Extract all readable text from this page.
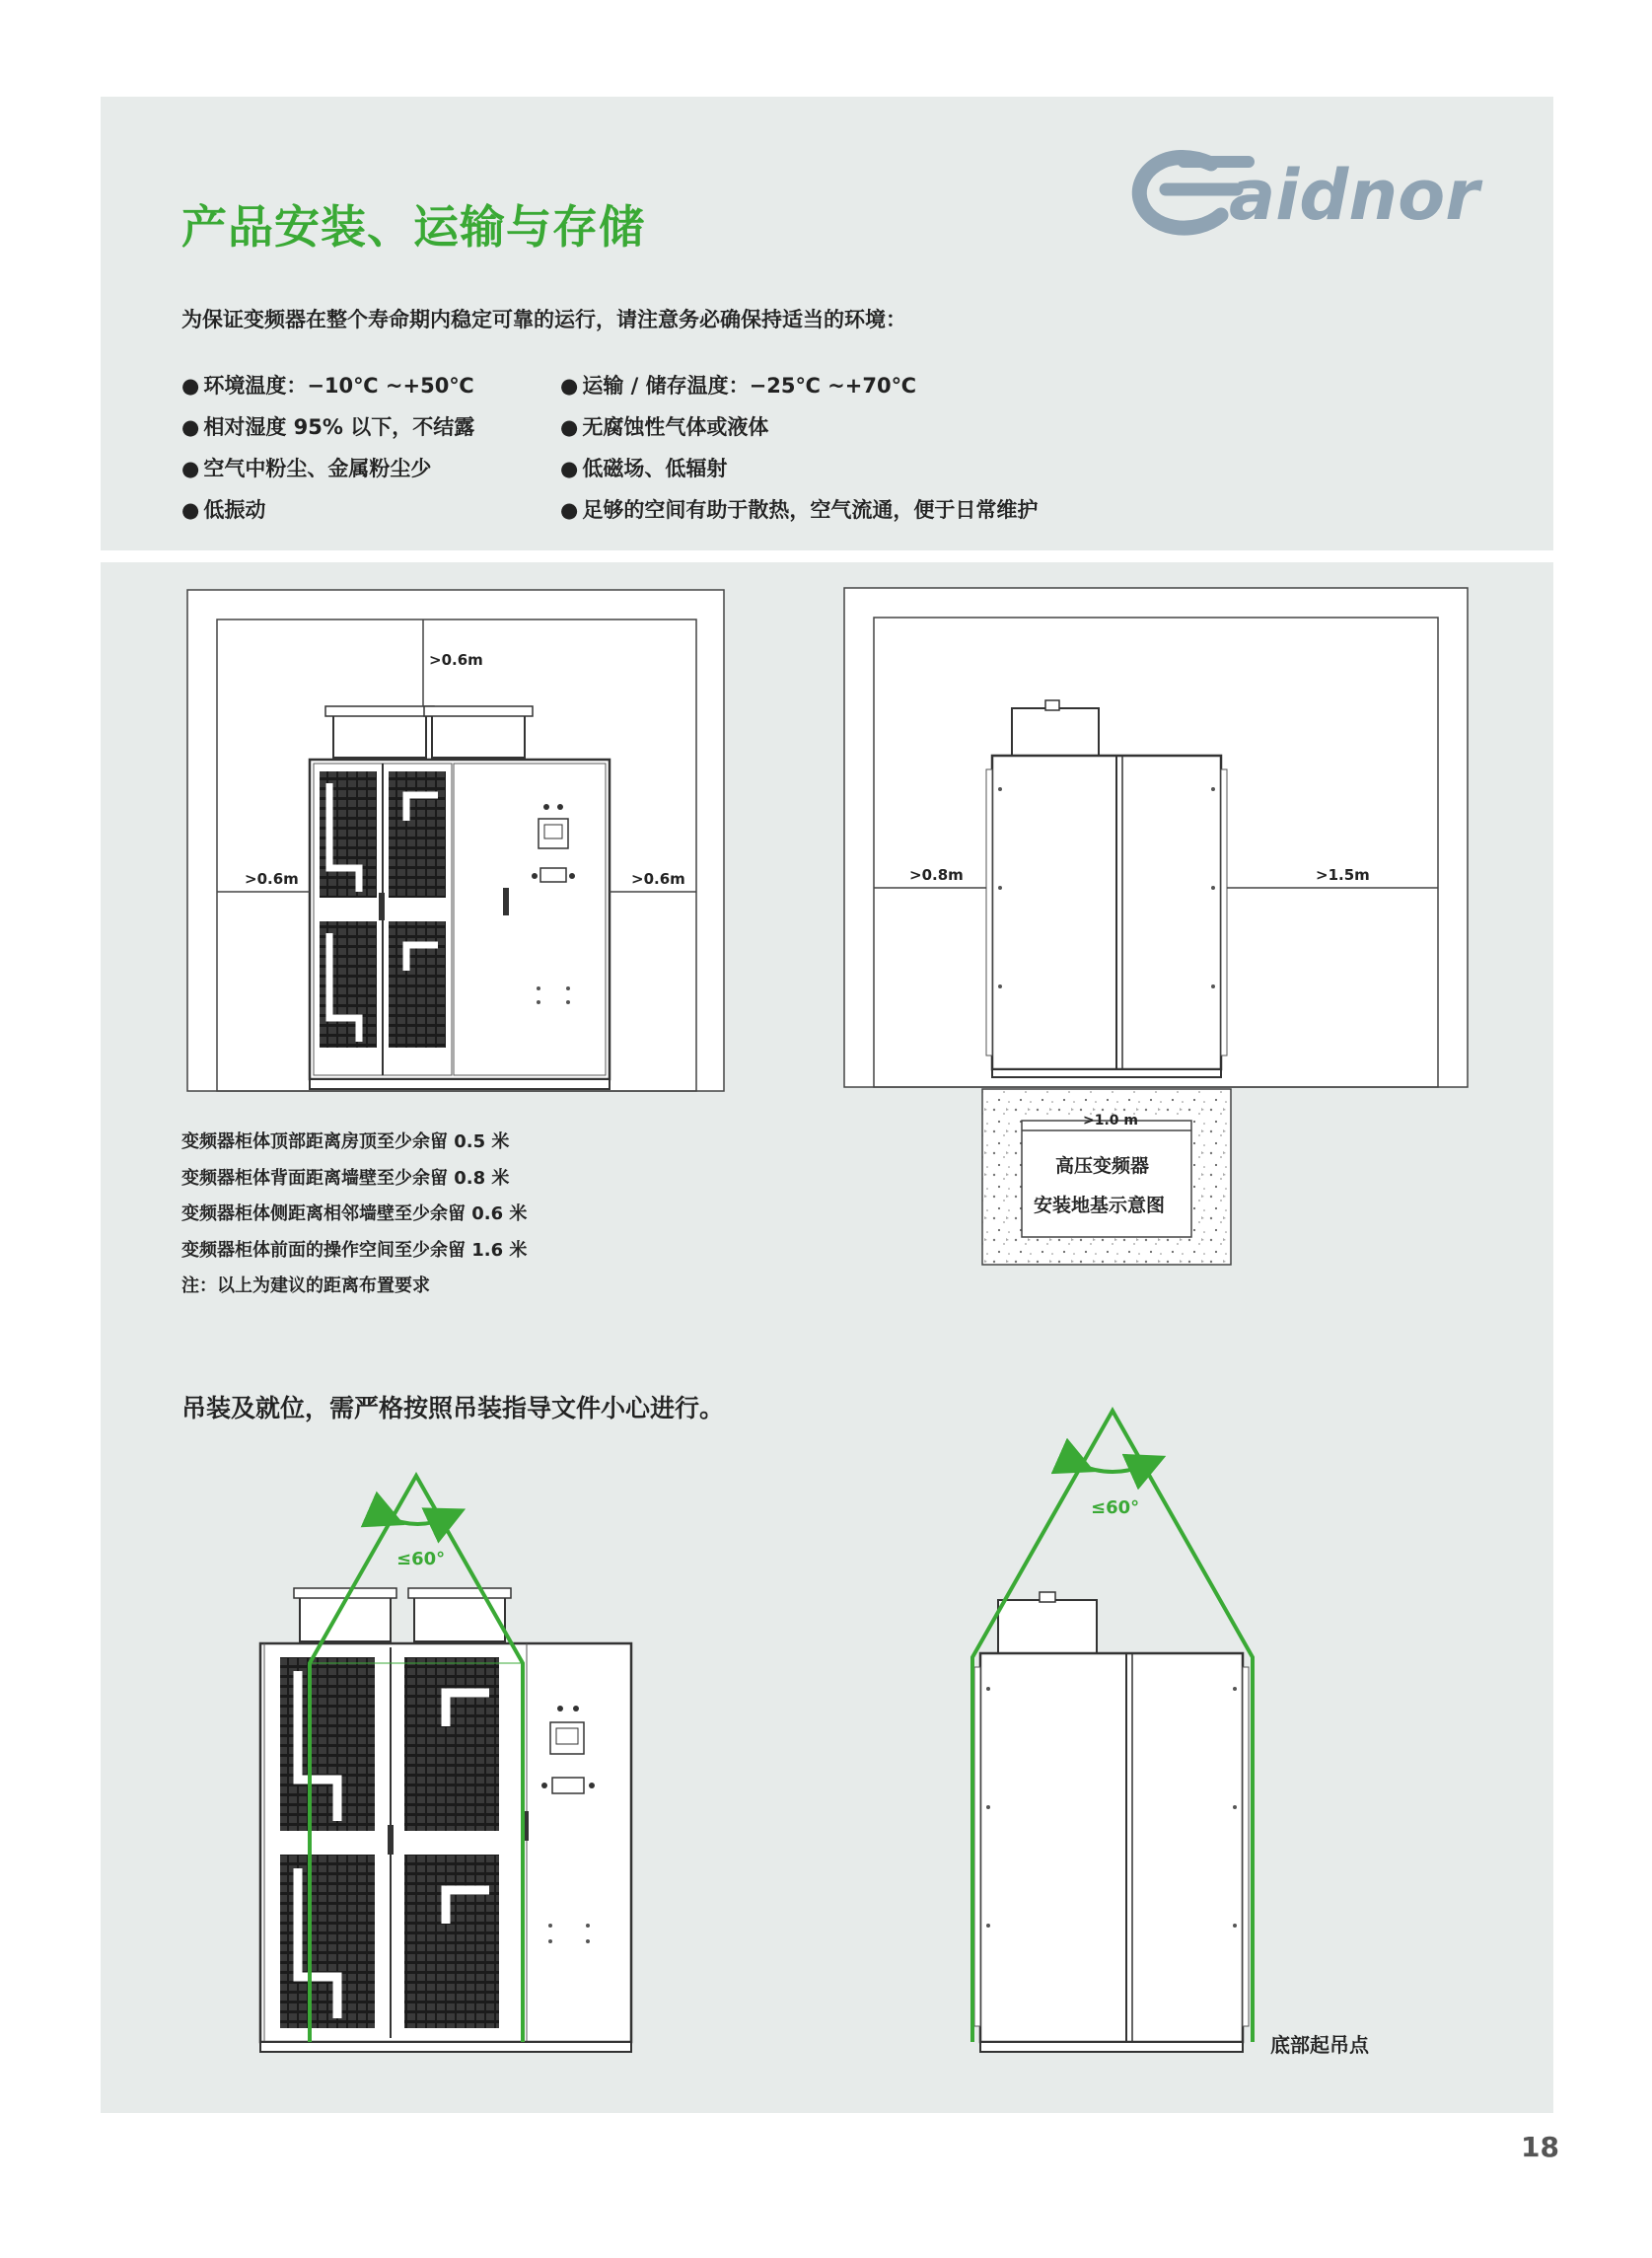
产品安装、运输与存储	aidnor
为保证变频器在整个寿命期内稳定可靠的运行，请注意务必确保持适当的环境：
● 环境温度：−10℃ ~+50℃
● 相对湿度 95% 以下，不结露
● 空气中粉尘、金属粉尘少
● 低振动
● 运输 / 储存温度：−25℃ ~+70℃
● 无腐蚀性气体或液体
● 低磁场、低辐射
● 足够的空间有助于散热，空气流通，便于日常维护
>0.6m
>0.6m	>0.6m	>0.8m	>1.5m
>1.0 m
高压变频器
安装地基示意图
≤60°
≤60°
底部起吊点
变频器柜体顶部距离房顶至少余留 0.5 米
变频器柜体背面距离墙壁至少余留 0.8 米
变频器柜体侧距离相邻墙壁至少余留 0.6 米
变频器柜体前面的操作空间至少余留 1.6 米
注：以上为建议的距离布置要求
吊装及就位，需严格按照吊装指导文件小心进行。
18
